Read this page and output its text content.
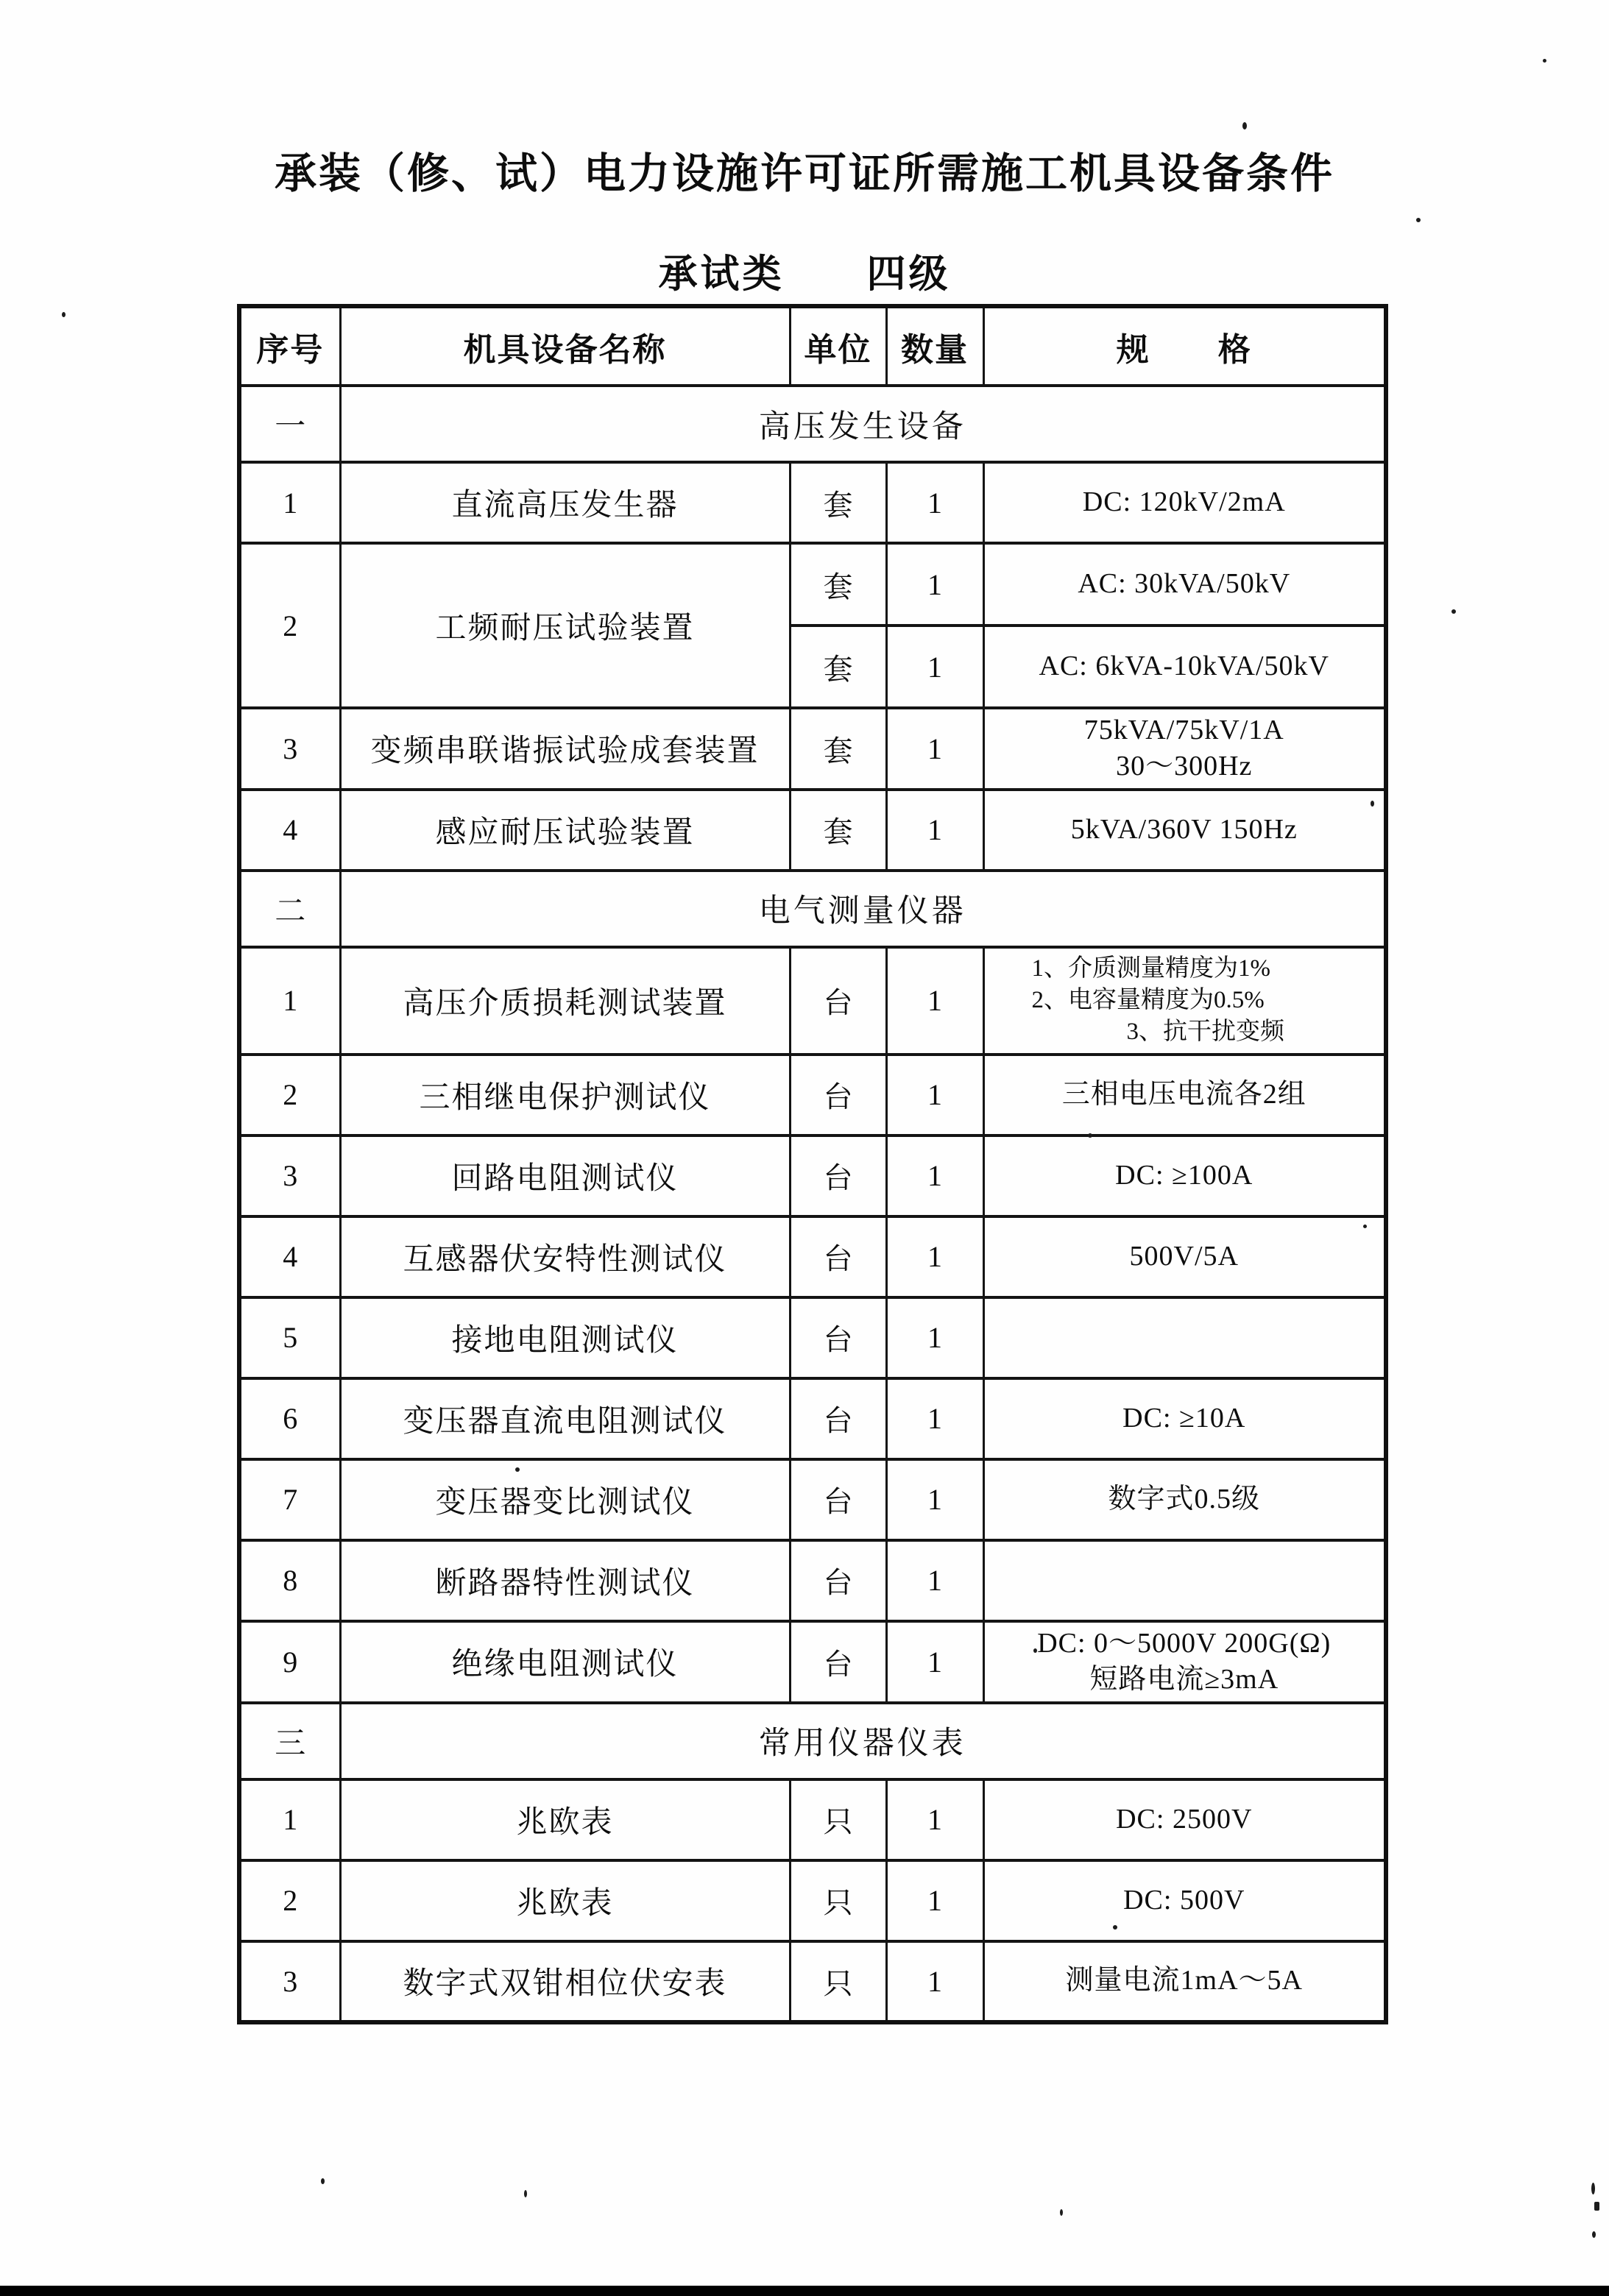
承装（修、试）电力设施许可证所需施工机具设备条件
承试类 四级
序号	机具设备名称	单位	数量	规　　格
一	高压发生设备			
1	直流高压发生器	套	1	DC: 120kV/2mA

2	工频耐压试验装置	套	1	AC: 30kVA/50kV

		套	1	AC: 6kVA-10kVA/50kV

3	变频串联谐振试验成套装置	套	1	75kVA/75kV/1A
30～300Hz

4	感应耐压试验装置	套	1	5kVA/360V 150Hz

二	电气测量仪器			
1	高压介质损耗测试装置	台	1	1、介质测量精度为1%
2、电容量精度为0.5%
3、抗干扰变频

2	三相继电保护测试仪	台	1	三相电压电流各2组

3	回路电阻测试仪	台	1	DC: ≥100A

4	互感器伏安特性测试仪	台	1	500V/5A

5	接地电阻测试仪	台	1	
6	变压器直流电阻测试仪	台	1	DC: ≥10A

7	变压器变比测试仪	台	1	数字式0.5级

8	断路器特性测试仪	台	1	
9	绝缘电阻测试仪	台	1	DC: 0～5000V 200G(Ω)
短路电流≥3mA

三	常用仪器仪表			
1	兆欧表	只	1	DC: 2500V

2	兆欧表	只	1	DC: 500V

3	数字式双钳相位伏安表	只	1	测量电流1mA～5A
